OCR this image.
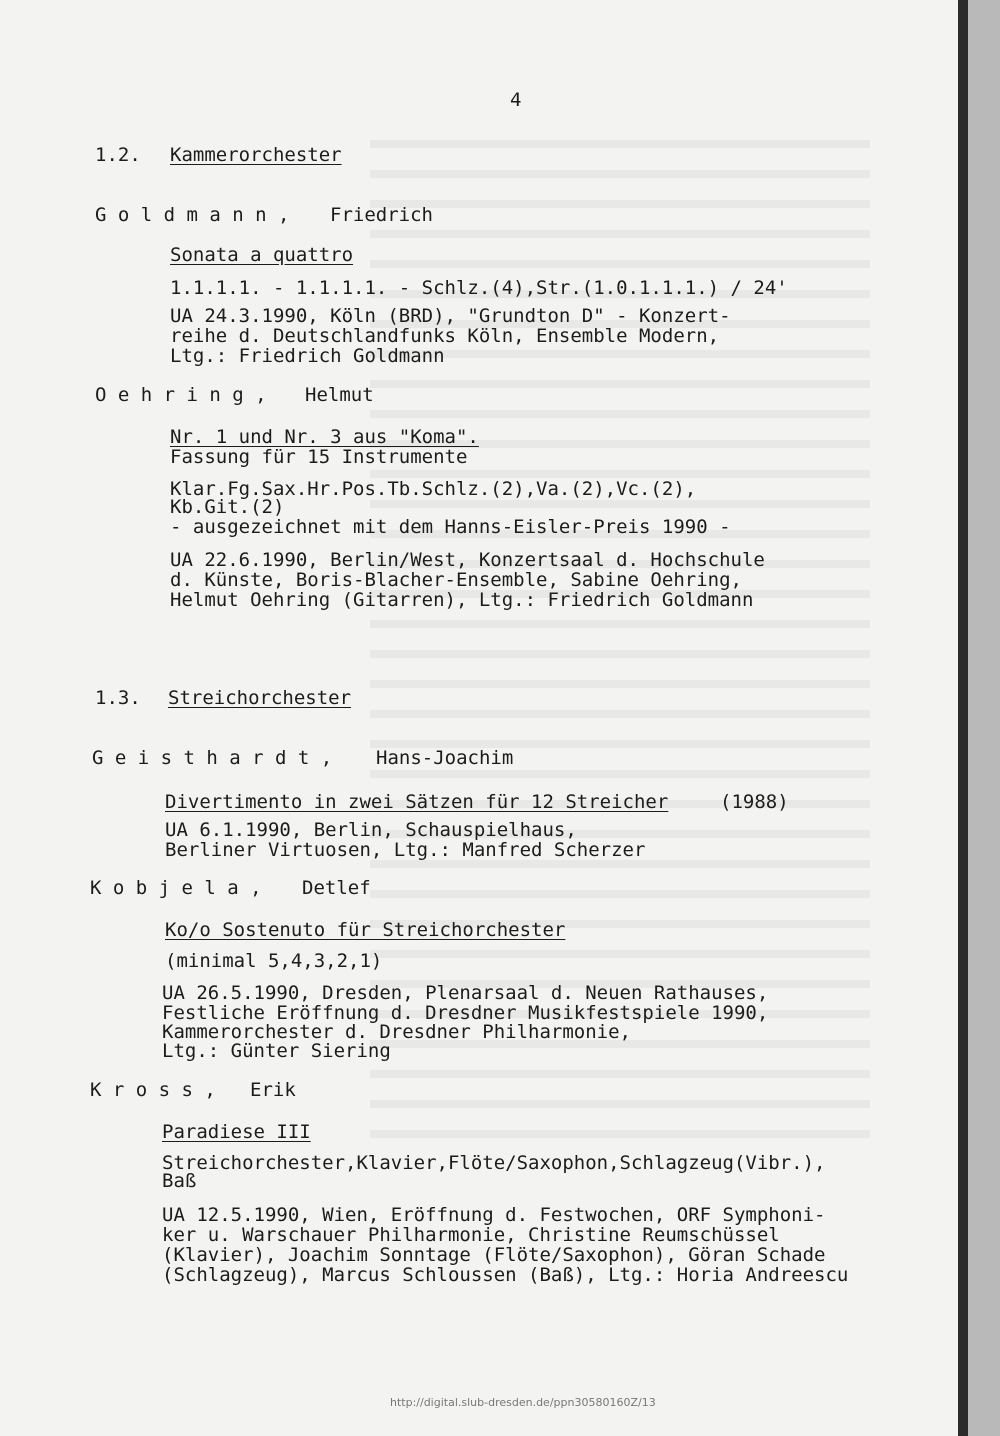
4
1.2. Kammerorchester
G o l d m a n n , Friedrich
Sonata a quattro
1.1.1.1. - 1.1.1.1. - Schlz.(4),Str.(1.0.1.1.1.) / 24'
UA 24.3.1990, Köln (BRD), "Grundton D" - Konzert-
reihe d. Deutschlandfunks Köln, Ensemble Modern,
Ltg.: Friedrich Goldmann
O e h r i n g , Helmut
Nr. 1 und Nr. 3 aus "Koma".
Fassung für 15 Instrumente
Klar.Fg.Sax.Hr.Pos.Tb.Schlz.(2),Va.(2),Vc.(2),
Kb.Git.(2)
- ausgezeichnet mit dem Hanns-Eisler-Preis 1990 -
UA 22.6.1990, Berlin/West, Konzertsaal d. Hochschule
d. Künste, Boris-Blacher-Ensemble, Sabine Oehring,
Helmut Oehring (Gitarren), Ltg.: Friedrich Goldmann
1.3. Streichorchester
G e i s t h a r d t , Hans-Joachim
Divertimento in zwei Sätzen für 12 Streicher	(1988)
UA 6.1.1990, Berlin, Schauspielhaus,
Berliner Virtuosen, Ltg.: Manfred Scherzer
K o b j e l a , Detlef
Ko/o Sostenuto für Streichorchester
(minimal 5,4,3,2,1)
UA 26.5.1990, Dresden, Plenarsaal d. Neuen Rathauses,
Festliche Eröffnung d. Dresdner Musikfestspiele 1990,
Kammerorchester d. Dresdner Philharmonie,
Ltg.: Günter Siering
K r o s s , Erik
Paradiese III
Streichorchester,Klavier,Flöte/Saxophon,Schlagzeug(Vibr.),
Baß
UA 12.5.1990, Wien, Eröffnung d. Festwochen, ORF Symphoni-
ker u. Warschauer Philharmonie, Christine Reumschüssel
(Klavier), Joachim Sonntage (Flöte/Saxophon), Göran Schade
(Schlagzeug), Marcus Schloussen (Baß), Ltg.: Horia Andreescu
http://digital.slub-dresden.de/ppn30580160Z/13
